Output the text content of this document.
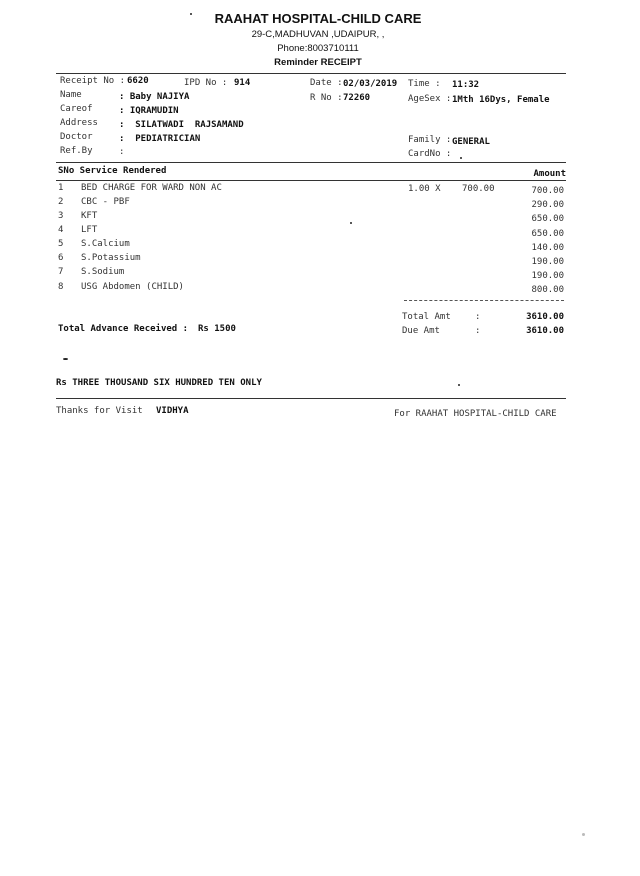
RAAHAT HOSPITAL-CHILD CARE
29-C,MADHUVAN ,UDAIPUR, ,
Phone:8003710111
Reminder RECEIPT
Receipt No : 6620	IPD No : 914	Date : 02/03/2019 Time : 11:32
Name	: Baby NAJIYA	R No : 72260	AgeSex : 1Mth 16Dys, Female
Careof	: IQRAMUDIN
Address :  SILATWADI  RAJSAMAND
Doctor	:  PEDIATRICIAN	Family : GENERAL
Ref.By	:	CardNo :
SNo Service Rendered	Amount
1 BED CHARGE FOR WARD NON AC	1.00 X 700.00	700.00
2 CBC - PBF	290.00
3 KFT	650.00
4 LFT	650.00
5 S.Calcium	140.00
6 S.Potassium	190.00
7 S.Sodium	190.00
8 USG Abdomen (CHILD)	800.00
Total Advance Received : Rs 1500
Total Amt	:	3610.00
Due Amt	:	3610.00
Rs THREE THOUSAND SIX HUNDRED TEN ONLY
Thanks for Visit VIDHYA	For RAAHAT HOSPITAL-CHILD CARE
